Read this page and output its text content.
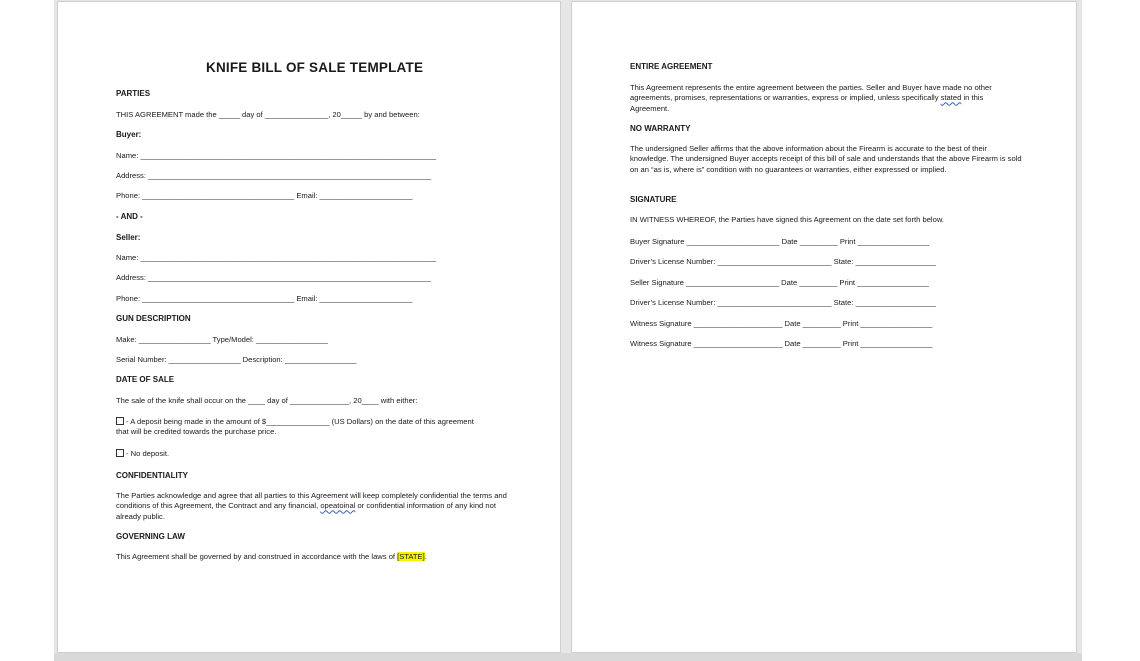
KNIFE BILL OF SALE TEMPLATE
PARTIES
THIS AGREEMENT made the _____ day of _______________, 20_____ by and between:
Buyer:
Name: ______________________________________________________________________
Address: ___________________________________________________________________
Phone: ____________________________________ Email: ______________________
- AND -
Seller:
Name: ______________________________________________________________________
Address: ___________________________________________________________________
Phone: ____________________________________ Email: ______________________
GUN DESCRIPTION
Make: _________________ Type/Model: _________________
Serial Number: _________________ Description: _________________
DATE OF SALE
The sale of the knife shall occur on the ____ day of ______________, 20____ with either:
- A deposit being made in the amount of $_______________ (US Dollars) on the date of this agreement that will be credited towards the purchase price.
- No deposit.
CONFIDENTIALITY
The Parties acknowledge and agree that all parties to this Agreement will keep completely confidential the terms and conditions of this Agreement, the Contract and any financial, opeatoinal or confidential information of any kind not already public.
GOVERNING LAW
This Agreement shall be governed by and construed in accordance with the laws of [STATE].
ENTIRE AGREEMENT
This Agreement represents the entire agreement between the parties. Seller and Buyer have made no other agreements, promises, representations or warranties, express or implied, unless specifically stated in this Agreement.
NO WARRANTY
The undersigned Seller affirms that the above information about the Firearm is accurate to the best of their knowledge. The undersigned Buyer accepts receipt of this bill of sale and understands that the above Firearm is sold on an “as is, where is” condition with no guarantees or warranties, either expressed or implied.
SIGNATURE
IN WITNESS WHEREOF, the Parties have signed this Agreement on the date set forth below.
Buyer Signature ______________________ Date _________ Print _________________
Driver’s License Number: ___________________________ State: ___________________
Seller Signature ______________________ Date _________ Print _________________
Driver’s License Number: ___________________________ State: ___________________
Witness Signature _____________________ Date _________ Print _________________
Witness Signature _____________________ Date _________ Print _________________
